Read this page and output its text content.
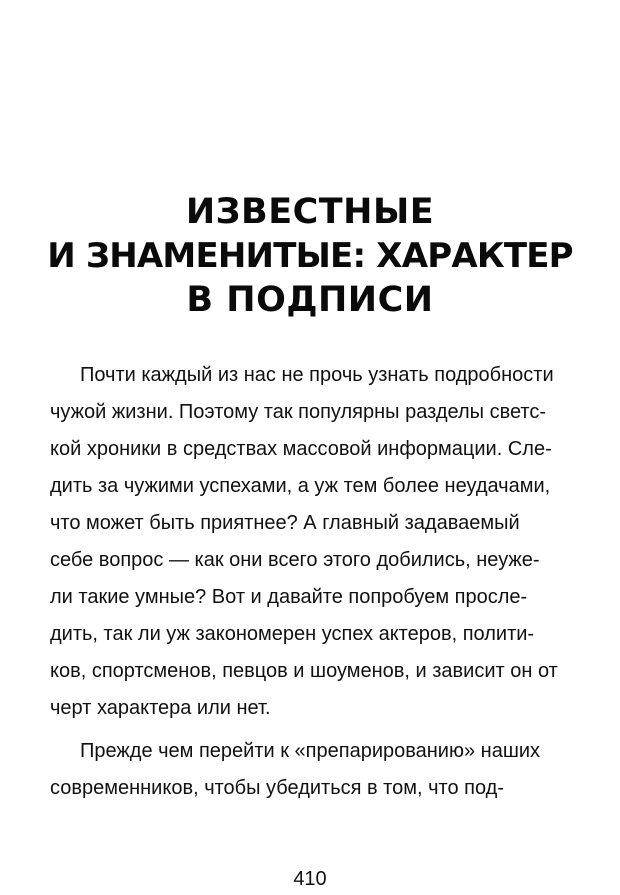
ИЗВЕСТНЫЕ
И ЗНАМЕНИТЫЕ: ХАРАКТЕР
В ПОДПИСИ
Почти каждый из нас не прочь узнать подробности
чужой жизни. Поэтому так популярны разделы светс-
кой хроники в средствах массовой информации. Сле-
дить за чужими успехами, а уж тем более неудачами,
что может быть приятнее? А главный задаваемый
себе вопрос — как они всего этого добились, неуже-
ли такие умные? Вот и давайте попробуем просле-
дить, так ли уж закономерен успех актеров, полити-
ков, спортсменов, певцов и шоуменов, и зависит он от
черт характера или нет.
Прежде чем перейти к «препарированию» наших
современников, чтобы убедиться в том, что под-
410
